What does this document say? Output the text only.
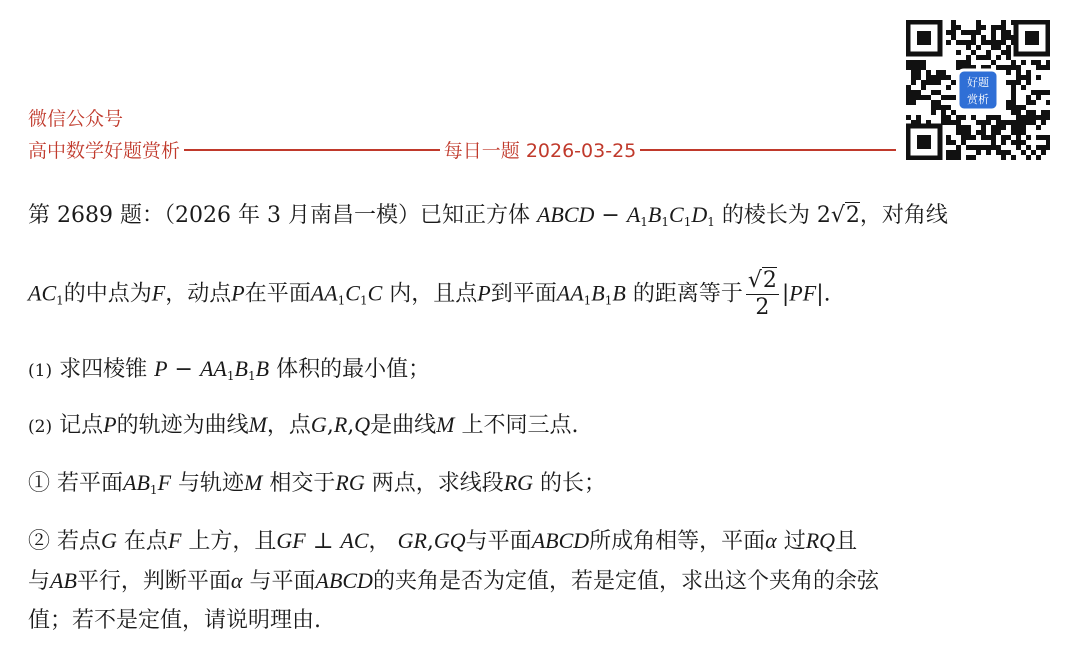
微信公众号
高中数学好题赏析	每日一题 2026-03-25
好题
赏析
第 2689 题：（2026 年 3 月南昌一模）已知正方体 ABCD − $A_1B_1C_1D_1$ 的棱长为 2√2，对角线
$AC_1$的中点为F，动点P在平面$AA_1C_1C$ 内，且点P到平面$AA_1B_1B$ 的距离等于 $\frac{√2}{2} |PF|$.
(1) 求四棱锥 $P - AA_1B_1B$ 体积的最小值；
(2) 记点P的轨迹为曲线M，点G,R,Q是曲线M 上不同三点.
① 若平面$AB_1F$ 与轨迹M 相交于RG 两点，求线段RG 的长；
② 若点G 在点F 上方，且GF ⊥ AC， GR,GQ与平面ABCD所成角相等，平面α 过RQ且
与AB平行，判断平面α 与平面ABCD的夹角是否为定值，若是定值，求出这个夹角的余弦
值；若不是定值，请说明理由.
